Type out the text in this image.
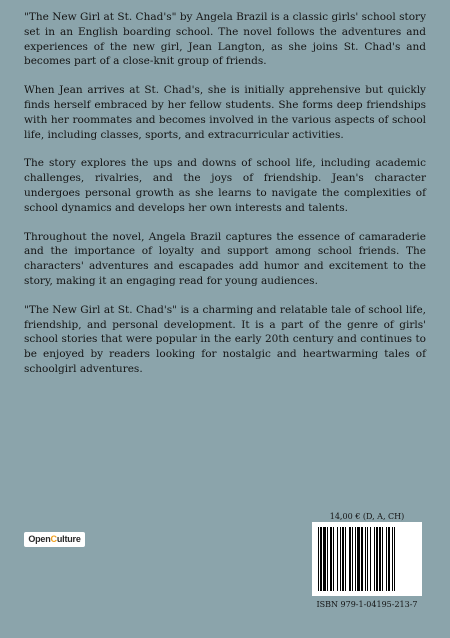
"The New Girl at St. Chad's" by Angela Brazil is a classic girls' school story set in an English boarding school. The novel follows the adventures and experiences of the new girl, Jean Langton, as she joins St. Chad's and becomes part of a close-knit group of friends.

When Jean arrives at St. Chad's, she is initially apprehensive but quickly finds herself embraced by her fellow students. She forms deep friendships with her roommates and becomes involved in the various aspects of school life, including classes, sports, and extracurricular activities.

The story explores the ups and downs of school life, including academic challenges, rivalries, and the joys of friendship. Jean's character undergoes personal growth as she learns to navigate the complexities of school dynamics and develops her own interests and talents.

Throughout the novel, Angela Brazil captures the essence of camaraderie and the importance of loyalty and support among school friends. The characters' adventures and escapades add humor and excitement to the story, making it an engaging read for young audiences.

"The New Girl at St. Chad's" is a charming and relatable tale of school life, friendship, and personal development. It is a part of the genre of girls' school stories that were popular in the early 20th century and continues to be enjoyed by readers looking for nostalgic and heartwarming tales of schoolgirl adventures.

OpenCulture
14,00 € (D, A, CH)
ISBN 979-1-04195-213-7
